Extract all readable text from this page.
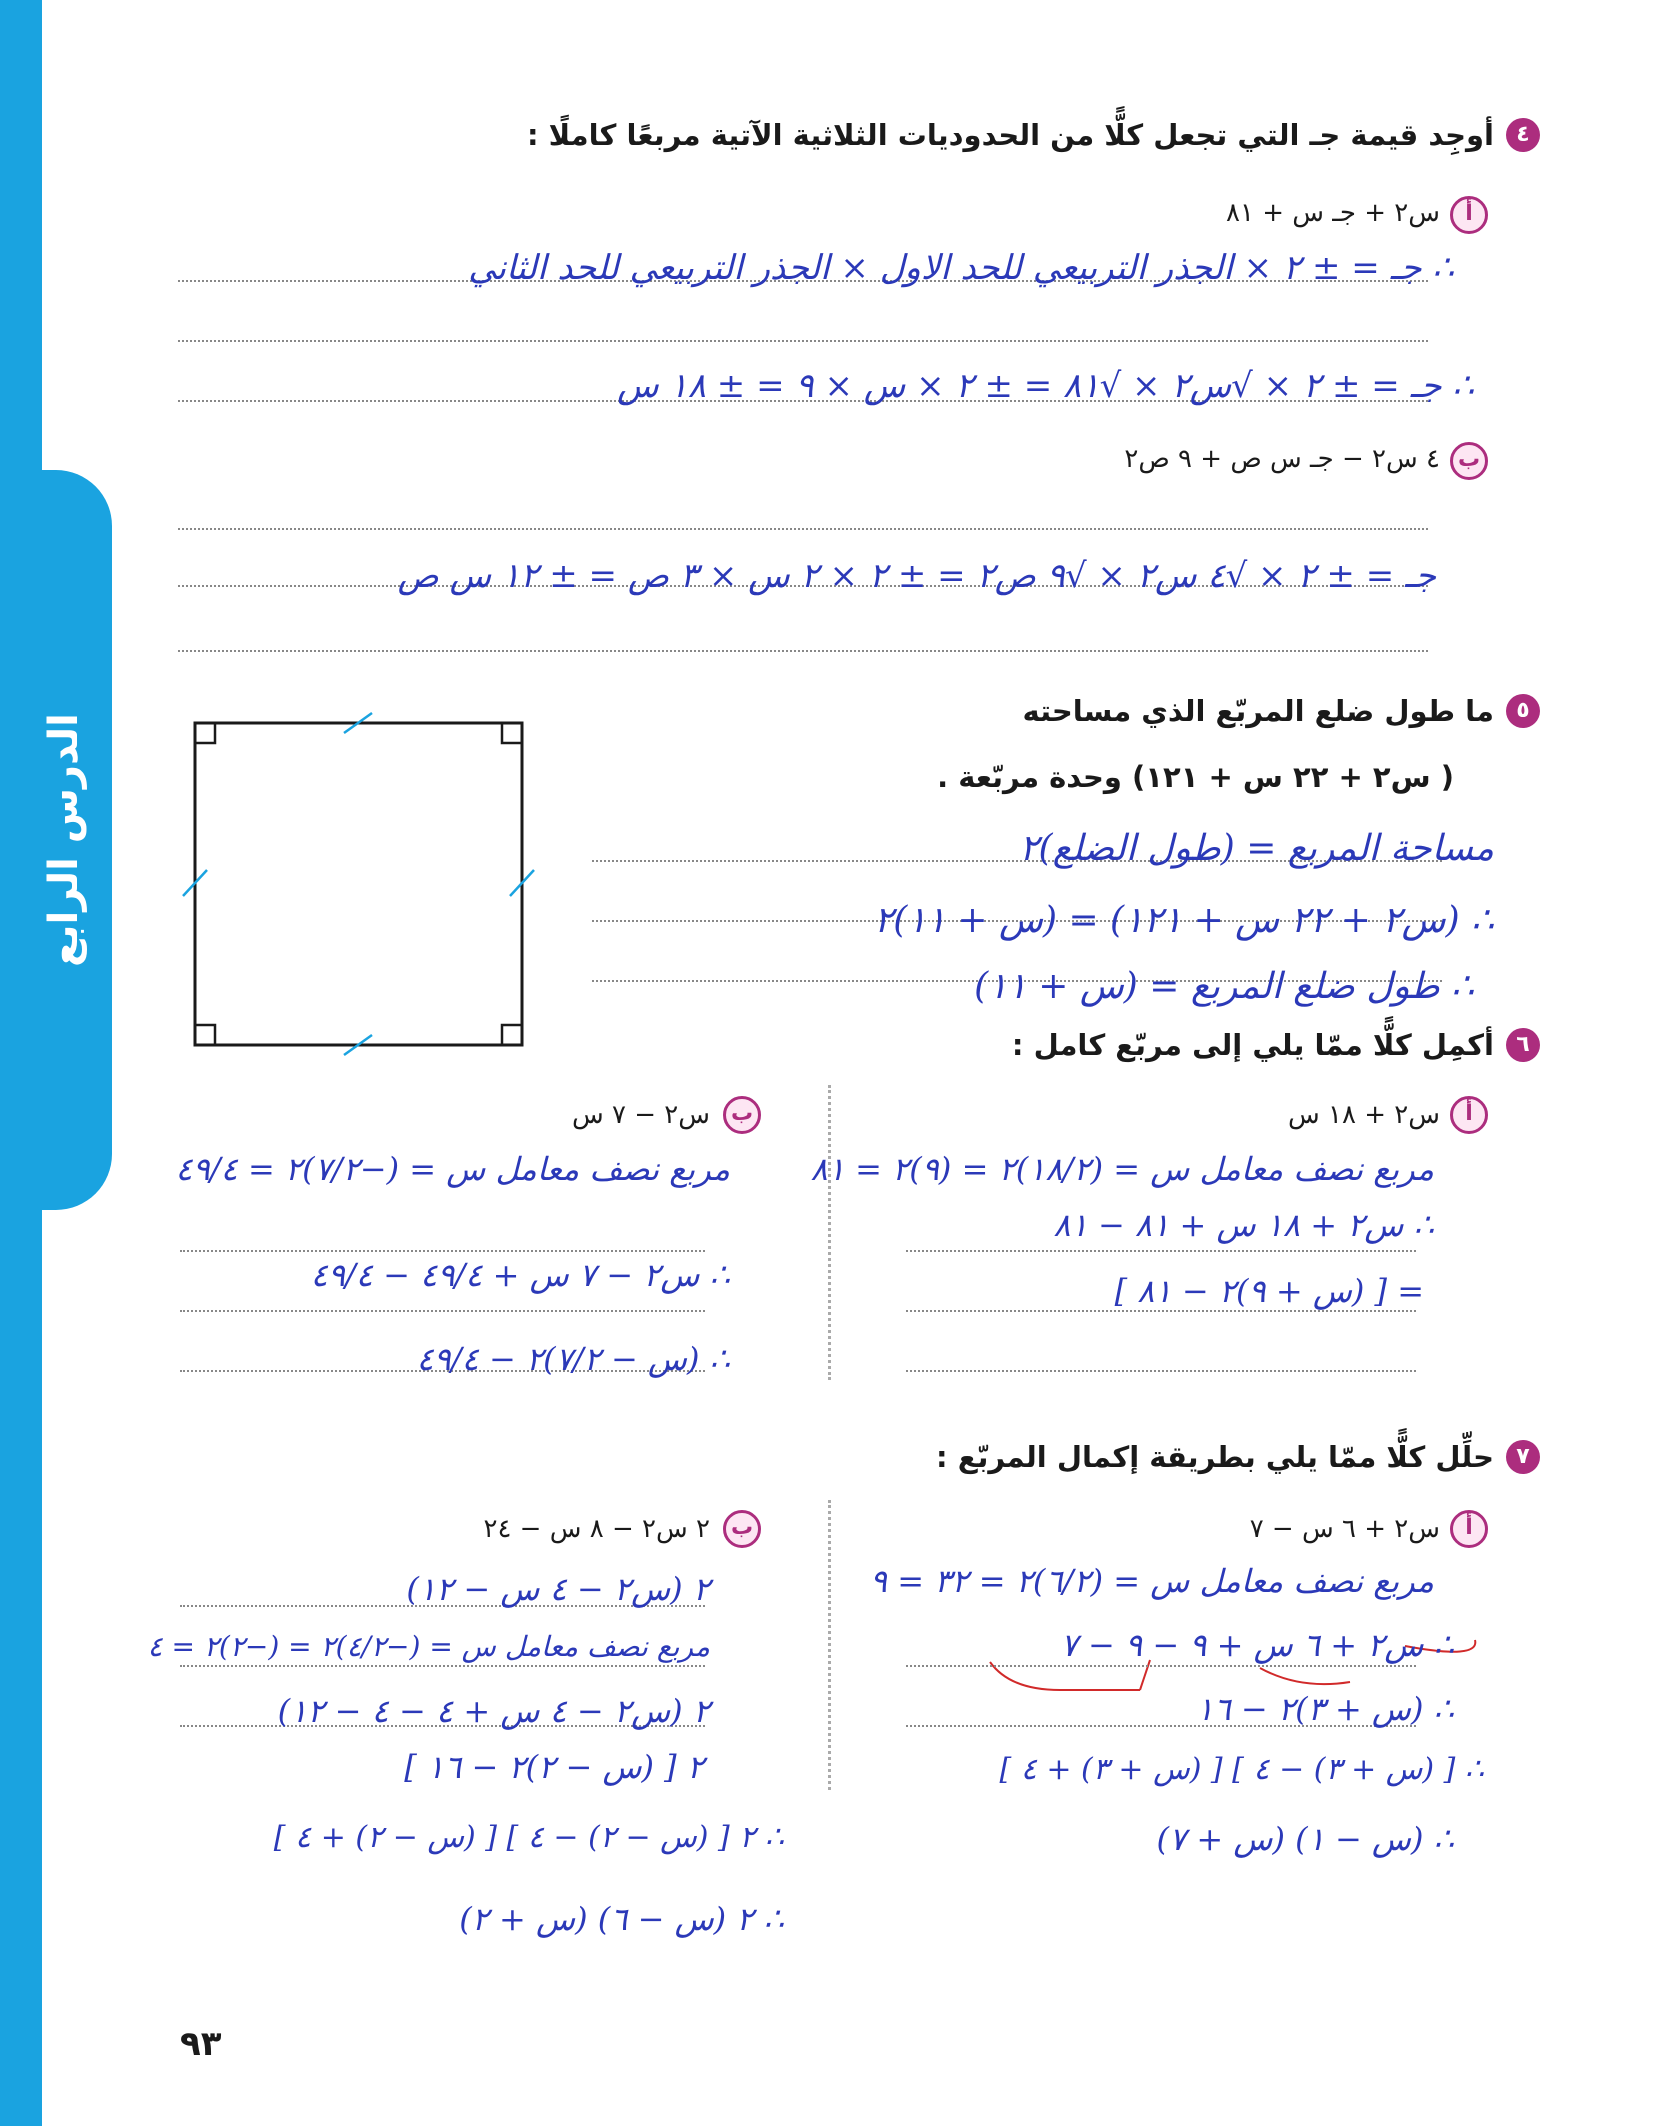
الدرس الرابع
٤
أوجِد قيمة جـ التي تجعل كلًّا من الحدوديات الثلاثية الآتية مربعًا كاملًا :
أ
س٢ + جـ س + ٨١
∴ جـ = ± ٢ × الجذر التربيعي للحد الاول × الجذر التربيعي للحد الثاني
∴ جـ = ± ٢ × √س٢ × √٨١ = ± ٢ × س × ٩ = ± ١٨ س
ب
٤ س٢ − جـ س ص + ٩ ص٢
جـ = ± ٢ × √٤ س٢ × √٩ ص٢ = ± ٢ × ٢ س × ٣ ص = ± ١٢ س ص
٥
ما طول ضلع المربّع الذي مساحته
( س٢ + ٢٢ س + ١٢١) وحدة مربّعة .
مساحة المربع = (طول الضلع)٢
∴ (س٢ + ٢٢ س + ١٢١) = (س + ١١)٢
∴ طول ضلع المربع = (س + ١١)
٦
أكمِل كلًّا ممّا يلي إلى مربّع كامل :
أ
س٢ + ١٨ س
مربع نصف معامل س = (١٨/٢)٢ = (٩)٢ = ٨١
∴ س٢ + ١٨ س + ٨١ − ٨١
= [ (س + ٩)٢ − ٨١ ]
ب
س٢ − ٧ س
مربع نصف معامل س = (−٧/٢)٢ = ٤٩/٤
∴ س٢ − ٧ س + ٤٩/٤ − ٤٩/٤
∴ (س − ٧/٢)٢ − ٤٩/٤
٧
حلِّل كلًّا ممّا يلي بطريقة إكمال المربّع :
أ
س٢ + ٦ س − ٧
مربع نصف معامل س = (٦/٢)٢ = ٣٢ = ٩
∴ س٢ + ٦ س + ٩ − ٩ − ٧
∴ (س + ٣)٢ − ١٦
∴ [ (س + ٣) − ٤ ] [ (س + ٣) + ٤ ]
∴ (س − ١) (س + ٧)
ب
٢ س٢ − ٨ س − ٢٤
٢ (س٢ − ٤ س − ١٢)
مربع نصف معامل س = (−٤/٢)٢ = (−٢)٢ = ٤
٢ (س٢ − ٤ س + ٤ − ٤ − ١٢)
٢ [ (س − ٢)٢ − ١٦ ]
∴ ٢ [ (س − ٢) − ٤ ] [ (س − ٢) + ٤ ]
∴ ٢ (س − ٦) (س + ٢)
٩٣
